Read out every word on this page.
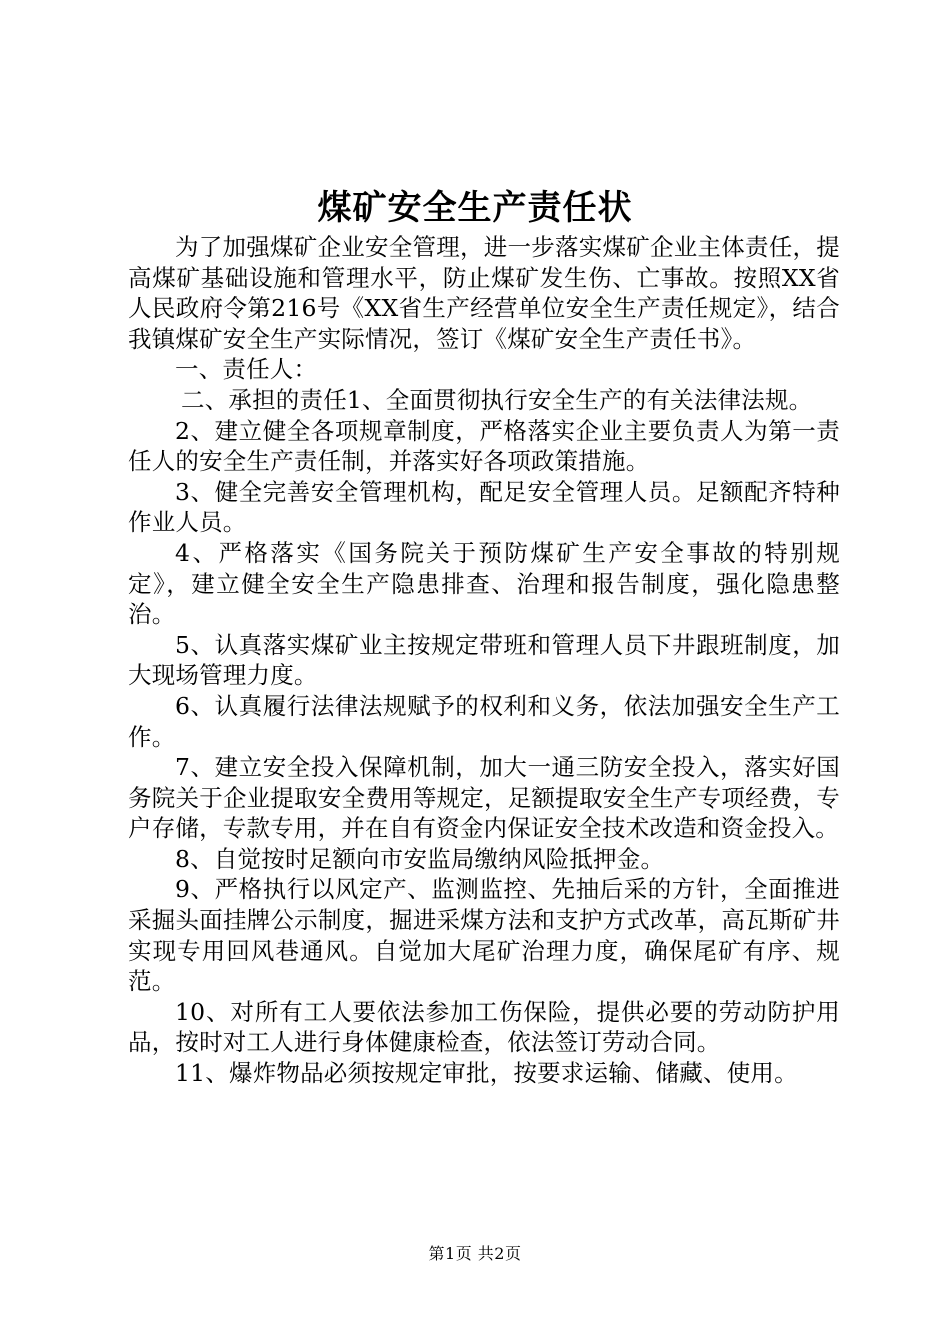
煤矿安全生产责任状

为了加强煤矿企业安全管理，进一步落实煤矿企业主体责任，提高煤矿基础设施和管理水平，防止煤矿发生伤、亡事故。按照XX省人民政府令第216号《XX省生产经营单位安全生产责任规定》，结合我镇煤矿安全生产实际情况，签订《煤矿安全生产责任书》。

一、责任人：

二、承担的责任1、全面贯彻执行安全生产的有关法律法规。

2、建立健全各项规章制度，严格落实企业主要负责人为第一责任人的安全生产责任制，并落实好各项政策措施。

3、健全完善安全管理机构，配足安全管理人员。足额配齐特种作业人员。

4、严格落实《国务院关于预防煤矿生产安全事故的特别规定》，建立健全安全生产隐患排查、治理和报告制度，强化隐患整治。

5、认真落实煤矿业主按规定带班和管理人员下井跟班制度，加大现场管理力度。

6、认真履行法律法规赋予的权利和义务，依法加强安全生产工作。

7、建立安全投入保障机制，加大一通三防安全投入，落实好国务院关于企业提取安全费用等规定，足额提取安全生产专项经费，专户存储，专款专用，并在自有资金内保证安全技术改造和资金投入。

8、自觉按时足额向市安监局缴纳风险抵押金。

9、严格执行以风定产、监测监控、先抽后采的方针，全面推进采掘头面挂牌公示制度，掘进采煤方法和支护方式改革，高瓦斯矿井实现专用回风巷通风。自觉加大尾矿治理力度，确保尾矿有序、规范。

10、对所有工人要依法参加工伤保险，提供必要的劳动防护用品，按时对工人进行身体健康检查，依法签订劳动合同。

11、爆炸物品必须按规定审批，按要求运输、储藏、使用。

第1页 共2页
